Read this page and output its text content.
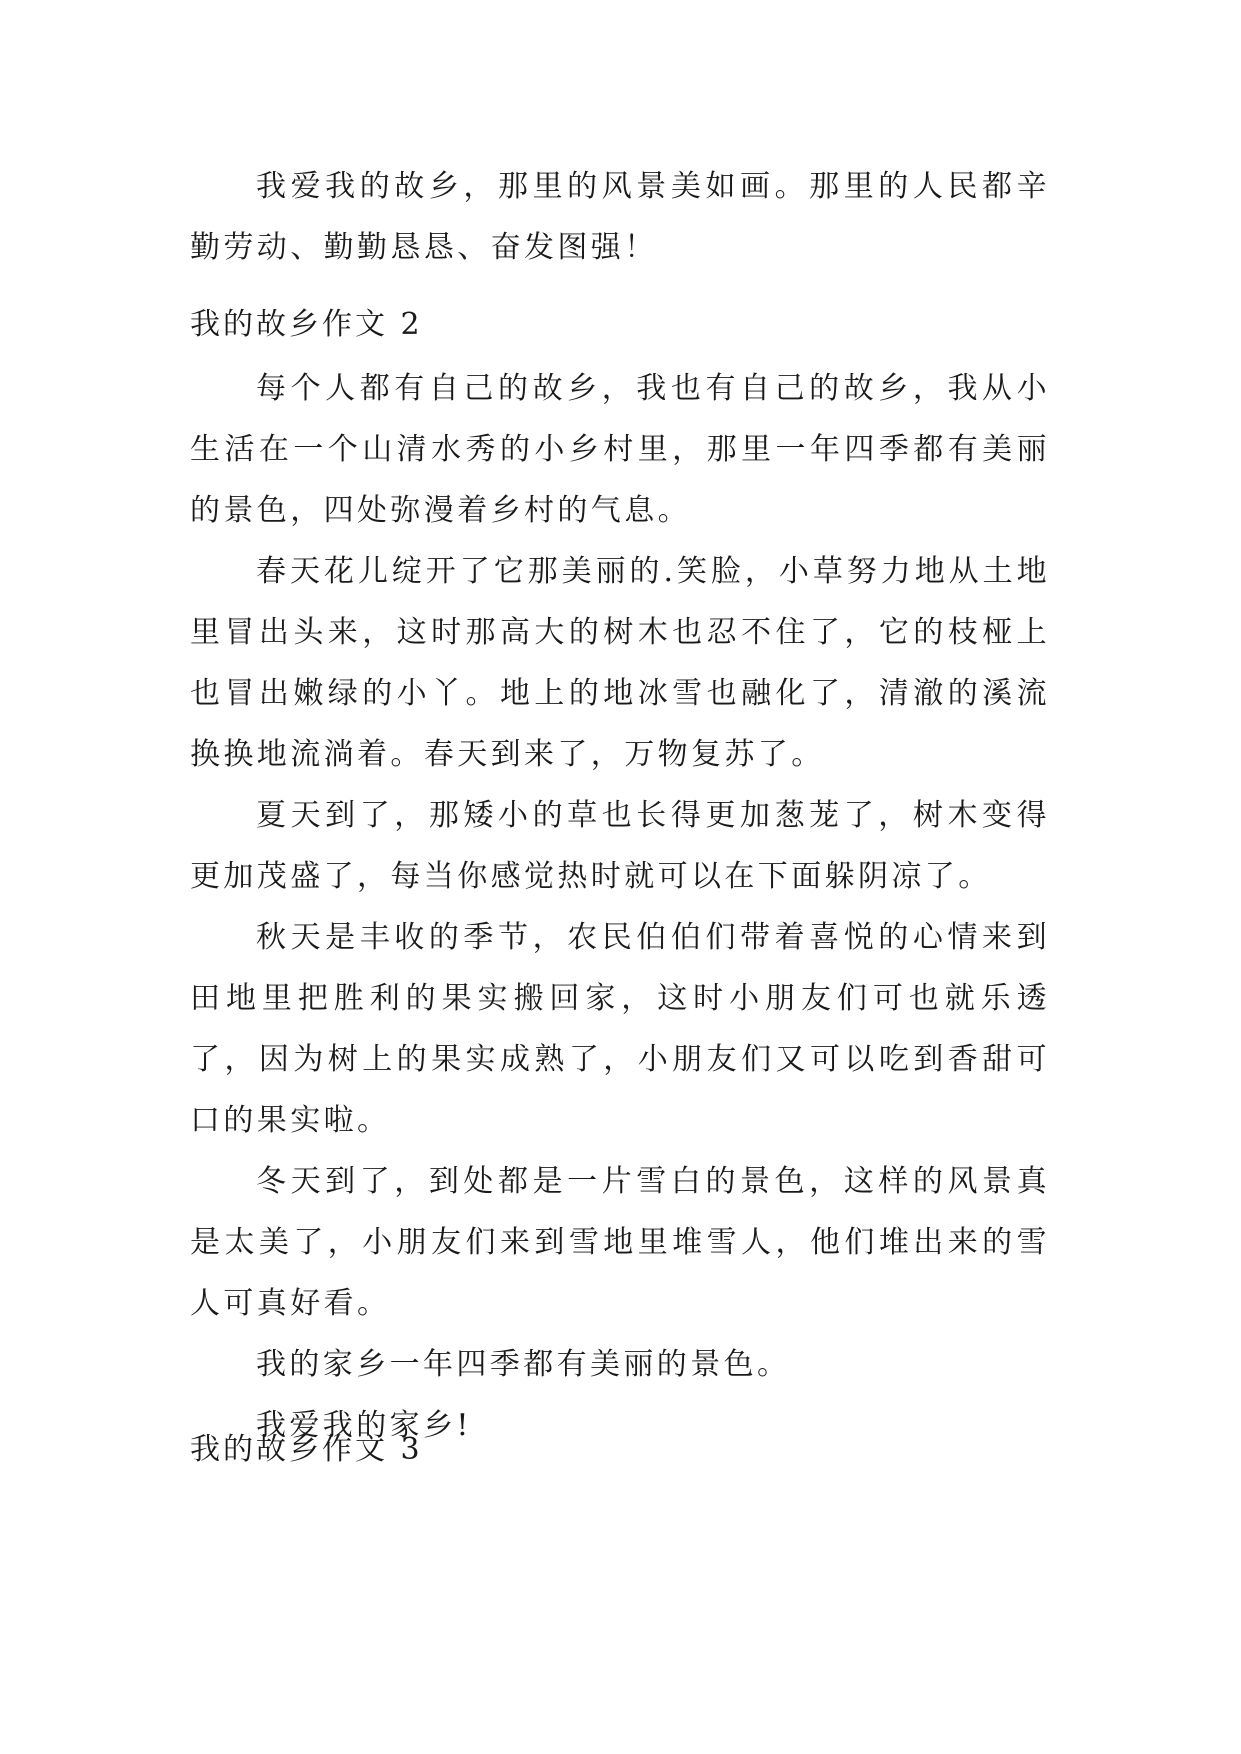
我爱我的故乡，那里的风景美如画。那里的人民都辛勤劳动、勤勤恳恳、奋发图强！

我的故乡作文 2

每个人都有自己的故乡，我也有自己的故乡，我从小生活在一个山清水秀的小乡村里，那里一年四季都有美丽的景色，四处弥漫着乡村的气息。

春天花儿绽开了它那美丽的.笑脸，小草努力地从土地里冒出头来，这时那高大的树木也忍不住了，它的枝桠上也冒出嫩绿的小丫。地上的地冰雪也融化了，清澈的溪流换换地流淌着。春天到来了，万物复苏了。

夏天到了，那矮小的草也长得更加葱茏了，树木变得更加茂盛了，每当你感觉热时就可以在下面躲阴凉了。

秋天是丰收的季节，农民伯伯们带着喜悦的心情来到田地里把胜利的果实搬回家，这时小朋友们可也就乐透了，因为树上的果实成熟了，小朋友们又可以吃到香甜可口的果实啦。

冬天到了，到处都是一片雪白的景色，这样的风景真是太美了，小朋友们来到雪地里堆雪人，他们堆出来的雪人可真好看。

我的家乡一年四季都有美丽的景色。

我爱我的家乡!

我的故乡作文 3
